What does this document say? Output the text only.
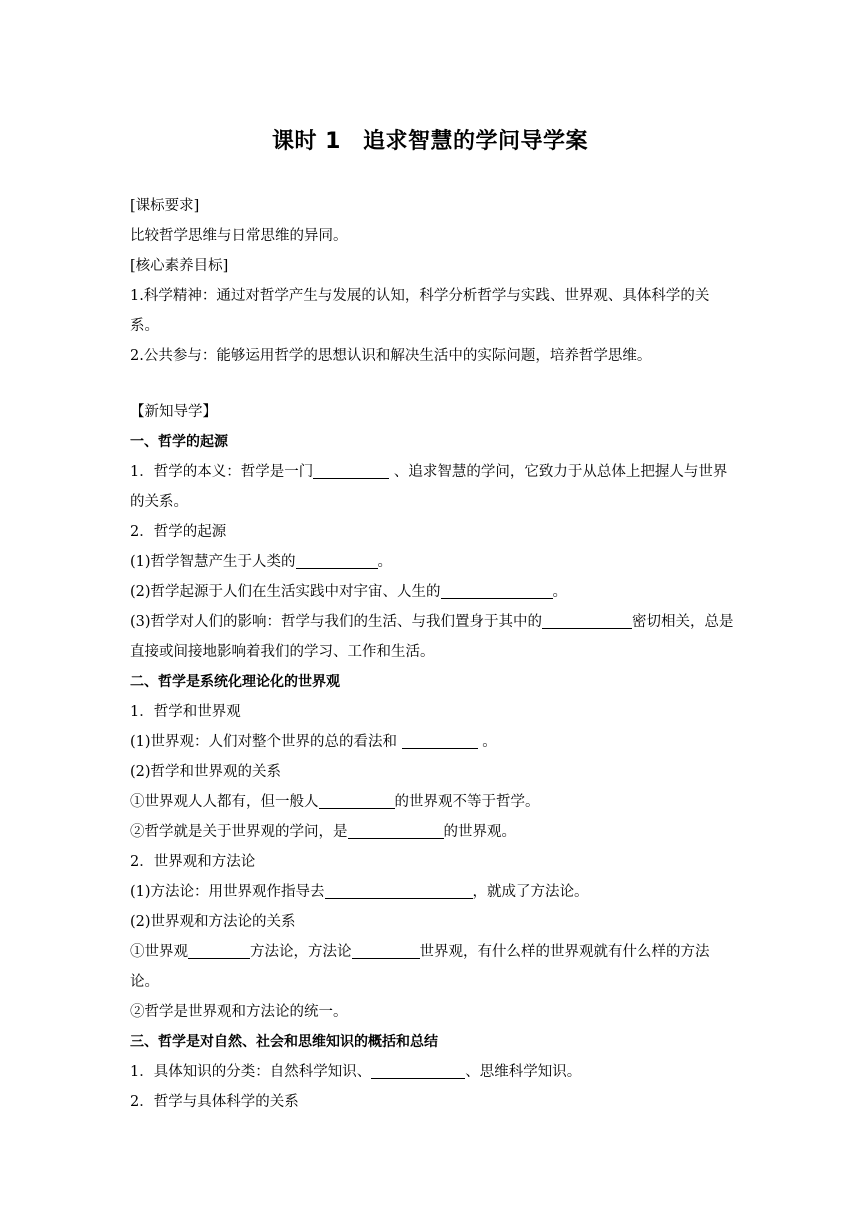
课时 1 追求智慧的学问导学案
[课标要求]
比较哲学思维与日常思维的异同。
[核心素养目标]
1.科学精神：通过对哲学产生与发展的认知，科学分析哲学与实践、世界观、具体科学的关系。
2.公共参与：能够运用哲学的思想认识和解决生活中的实际问题，培养哲学思维。
【新知导学】
一、哲学的起源
1．哲学的本义：哲学是一门	、追求智慧的学问，它致力于从总体上把握人与世界的关系。
2．哲学的起源
(1)哲学智慧产生于人类的	。
(2)哲学起源于人们在生活实践中对宇宙、人生的	。
(3)哲学对人们的影响：哲学与我们的生活、与我们置身于其中的	密切相关，总是直接或间接地影响着我们的学习、工作和生活。
二、哲学是系统化理论化的世界观
1．哲学和世界观
(1)世界观：人们对整个世界的总的看法和	。
(2)哲学和世界观的关系
①世界观人人都有，但一般人	的世界观不等于哲学。
②哲学就是关于世界观的学问，是	的世界观。
2．世界观和方法论
(1)方法论：用世界观作指导去	，就成了方法论。
(2)世界观和方法论的关系
①世界观	方法论，方法论	世界观，有什么样的世界观就有什么样的方法论。
②哲学是世界观和方法论的统一。
三、哲学是对自然、社会和思维知识的概括和总结
1．具体知识的分类：自然科学知识、	、思维科学知识。
2．哲学与具体科学的关系
